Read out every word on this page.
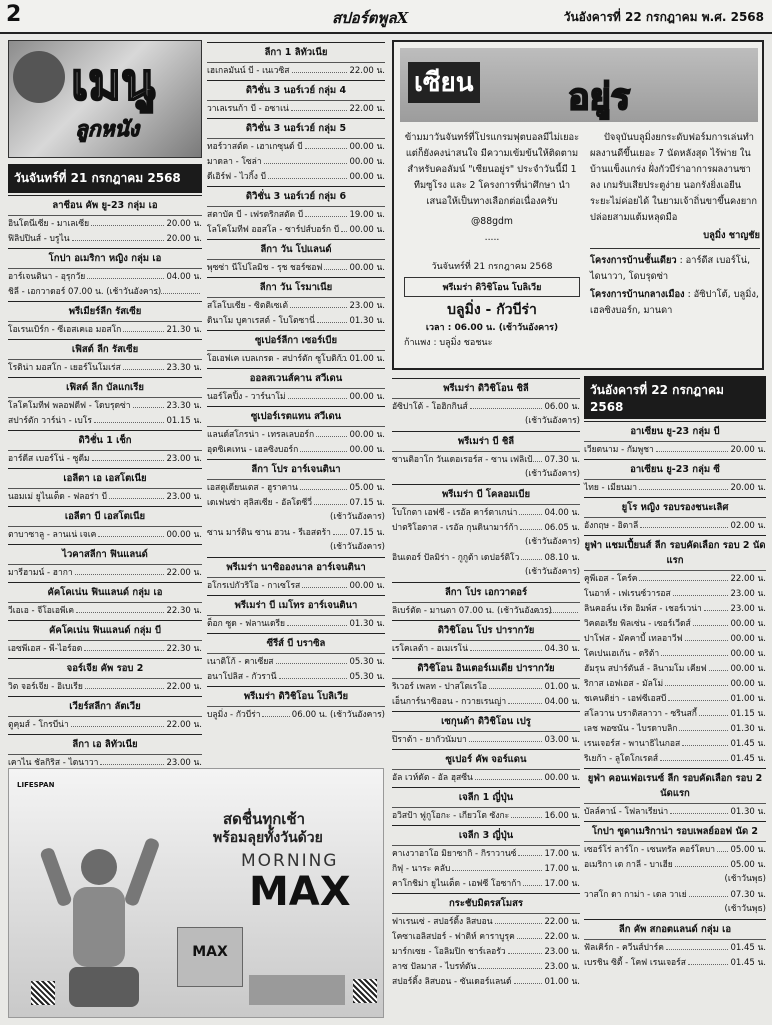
2	สปอร์ตพูลX	วันอังคารที่ 22 กรกฎาคม พ.ศ. 2568
เมนู
ลูกหนัง
วันจันทร์ที่ 21 กรกฎาคม 2568
ลาชีอน คัพ ยู-23 กลุ่ม เอ
อินโดนีเซีย - มาเลเซีย	20.00 น.
ฟิลิปปินส์ - บรูไน	20.00 น.
โกปา อเมริกา หญิง กลุ่ม เอ
อาร์เจนตินา - อุรุกวัย	04.00 น.
ชิลี - เอกวาดอร์ 07.00 น. (เช้าวันอังคาร)
พรีเมียร์ลีก รัสเซีย
โอเรนเบิร์ก - ซีเอสเคเอ มอสโก	21.30 น.
เฟิสต์ ลีก รัสเซีย
โรติน่า มอสโก - เยอร์โนโมเร่ส	23.30 น.
เฟิสต์ ลีก บัลแกเรีย
โลโคโมทีฟ พลอฟดีฟ - โดบรุดซ่า	23.30 น.
สปาร์ตัก วาร์น่า - เบโร	01.15 น.
ดิวิชั่น 1 เช็ก
อาร์ดีส เบอร์โน่ - ซูดีม	23.00 น.
เอลีตา เอ เอสโตเนีย
นอมเม่ ยูไนเต็ด - ฟลอร่า บี	23.00 น.
เอลีตา บี เอสโตเนีย
ตาบาซาลู - ลานเน่ เจเค	00.00 น.
ไวคาสลีกา ฟินแลนด์
มารีฮามน์ - ฮากา	22.00 น.
คัคโคเน่น ฟินแลนด์ กลุ่ม เอ
วีเอเอ - จีโอเอพีเค	22.30 น.
คัคโคเน่น ฟินแลนด์ กลุ่ม บี
เอซพีเอส - พี-ไอร์อด	22.30 น.
จอร์เจีย คัพ รอบ 2
วิต จอร์เจีย - อิเบเรีย	22.00 น.
เวียร์สลีกา ลัตเวีย
ตูคุมส์ - โกรบีน่า	22.00 น.
ลีกา เอ ลิทัวเนีย
เคาไน ชัลกิริส - ไดนาวา	23.00 น.
ลีกา 1 ลิทัวเนีย
เฮเกลมันน์ บี - เนเวซิส	22.00 น.
ดิวิชั่น 3 นอร์เวย์ กลุ่ม 4
วาเลเรนก้า บี - อซาเน่	22.00 น.
ดิวิชั่น 3 นอร์เวย์ กลุ่ม 5
ทอร์วาสต์ด - เฮาเกซุนด์ บี	00.00 น.
มาดลา - โซล่า	00.00 น.
ดีเอิร์ฟ - ไวกิ้ง บี	00.00 น.
ดิวิชั่น 3 นอร์เวย์ กลุ่ม 6
สตาบัค บี - เฟรดริกสตัด บี	19.00 น.
โลโคโมทีฟ ออสโล - ซาร์ปส์บอร์ก บี 00.00 น.
ลีกา วัน โปแลนด์
พุซซ่า นีโปโลมิช - รุช ชอร์ซอฟ	00.00 น.
ลีกา วัน โรมาเนีย
สโลโบเซีย - ซิตติเซเต้	23.00 น.
ดินาโม บูคาเรสต์ - โบโตซานี่	01.30 น.
ซูเปอร์ลีกา เซอร์เบีย
โอเอฟเค เบลเกรด - สปาร์ตัก ซูโบติก้า 01.00 น.
ออลสเวนส์คาน สวีเดน
นอร์โคปิ้ง - วาร์นาโม่	00.00 น.
ซูเปอร์เรตแทน สวีเดน
แลนด์สโกรน่า - เทรลเลบอร์ก	00.00 น.
อุตซิเคเทน - เฮลซิงบอร์ก	00.00 น.
ลีกา โปร อาร์เจนตินา
เอสตูเดียนเตส - ฮูราคาน	05.00 น.
เดเฟนซ่า สุลิสเซีย - อัลโดซีวี่	07.15 น.
(เช้าวันอังคาร)
ซาน มาร์ติน ซาน ฮวน - รีเอสตร้า 07.15 น.
(เช้าวันอังคาร)
พรีเมร่า นาซิอองนาล อาร์เจนตินา
อโกรเปกัวริโอ - กาเซโรส	00.00 น.
พรีเมร่า บี เมโทร อาร์เจนตินา
ต็อก ซูด - ฟลานเดรีย	01.30 น.
ซีรีส์ บี บราซิล
เนาติโก้ - คาเซียส	05.30 น.
อนาโปลิส - กัวรานี	05.30 น.
พรีเมร่า ดิวิชิโอน โบลิเวีย
บลูมิ่ง - กัวบีร่า	06.00 น. (เช้าวันอังคาร)
เซียน	อยู่ร
ข้ามมาวันจันทร์ที่โปรแกรมฟุตบอลมีไม่เยอะ แต่ก็ยังคงน่าสนใจ มีความเข้มข้นให้ติดตาม สำหรับคอลัมน์ "เซียนอยู่ร" ประจำวันนี้มี 1 ทีมซูโรง และ 2 โครงการที่น่าศึกษา นำเสนอให้เป็นทางเลือกต่อเนื่องครับ
@88gdm
.....
วันจันทร์ที่ 21 กรกฎาคม 2568
พรีเมร่า ดิวิชิโอน โบลิเวีย
บลูมิ่ง - กัวบีร่า
เวลา : 06.00 น. (เช้าวันอังคาร)
ก้าแพง : บลูมิ่ง ชอชนะ
ปัจจุบันบลูมิ่งยกระดับฟอร์มการเล่นทำผลงานดีขึ้นเยอะ 7 นัดหลังสุด ไร้พ่าย ในบ้านแข็งแกร่ง ฝั่งกัวบีร่าอาการผลงานซาลง เกมรับเสียประตูง่าย นอกรังยิ่งเอยีนระยะไม่ค่อยได้ ในยามเจ้าถิ่นขาขึ้นคงยากปล่อยสามแต้มหลุดมือ
บลูมิ่ง ชาญชัย
โครงการบ้านชั้นเดียว : อาร์ดีส เบอร์โน่, ไดนาวา, โดบรุดซ่า
โครงการบ้านกลางเมือง : อัซิปาโต้, บลูมิ่ง, เฮลซิงบอร์ก, มานดา
พรีเมร่า ดิวิชิโอน ชิลี
อัซิปาโต้ - โอฮิกกินส์	06.00 น.
(เช้าวันอังคาร)
พรีเมร่า บี ชิลี
ซานติอาโก วันเดอเรอร์ส - ซาน เฟลิเป้ 07.30 น.
(เช้าวันอังคาร)
พรีเมร่า บี โคลอมเบีย
โบโกตา เอฟซี - เรอัล คาร์ตาเกน่า	04.00 น.
ปาตริโอตาส - เรอัล กุนดินามาร์ก้า	06.05 น.
(เช้าวันอังคาร)
อินเตอร์ ปัลมิร่า - กูกูต้า เดปอร์ติโว	08.10 น.
(เช้าวันอังคาร)
ลีกา โปร เอกวาดอร์
ลิเบร์ตัด - มานตา 07.00 น. (เช้าวันอังคาร)
ดิวิชิโอน โปร ปารากวัย
เรโคเลต้า - อเมเรโน่	04.30 น.
ดิวิชิโอน อินเตอร์เมเดีย ปารากวัย
ริเวอร์ เพลท - ปาสโตเรโอ	01.00 น.
เอ็นการ์นาซิออน - กวายเรนญ่า	04.00 น.
เซกุนด้า ดิวิชิโอน เปรู
ปิราต้า - ยากัวนัมบา	03.00 น.
ซูเปอร์ คัพ จอร์แดน
อัล เวห์ดัต - อัล ฮุสซีน	00.00 น.
เจลีก 1 ญี่ปุ่น
อวิสป้า ฟูกูโอกะ - เกียวโต ซังกะ	16.00 น.
เจลีก 3 ญี่ปุ่น
คาเงวาอาโอ มิยาซากิ - กิราวานซ์	17.00 น.
กิฟุ - นาระ คลับ	17.00 น.
คาโกชิม่า ยูไนเต็ด - เอฟซี โอซาก้า	17.00 น.
กระชับมิตรสโมสร
ฟาเรนเซ่ - สปอร์ติ้ง ลิสบอน	22.00 น.
โคซาเอลิสปอร์ - ฟาติห์ คาราบูรุค	22.00 น.
มาร์กเซย - โอลิมปิก ชาร์เลอรัว	23.00 น.
ลาซ ปัลมาส - ไบรท์ตัน	23.00 น.
สปอร์ติ้ง ลิสบอน - ซันเดอร์แลนด์	01.00 น.
วันอังคารที่ 22 กรกฎาคม 2568
อาเซียน ยู-23 กลุ่ม บี
เวียดนาม - กัมพูชา	20.00 น.
อาเซียน ยู-23 กลุ่ม ซี
ไทย - เมียนมา	20.00 น.
ยูโร หญิง รอบรองชนะเลิศ
อังกฤษ - อิตาลี	02.00 น.
ยูฟ่า แชมเปี้ยนส์ ลีก รอบคัดเลือก รอบ 2 นัดแรก
คูพีเอส - โคร์ค	22.00 น.
โนอาห์ - เฟเรนซ์วารอส	23.00 น.
ลินคอล์น เร้ด อิมพ์ส - เชอร์เวน่า	23.00 น.
วิคตอเรีย พิลเซ่น - เซอร์เวีดส์	00.00 น.
ปาโฟส - มัคคาบี้ เทลอาวีฟ	00.00 น.
โคเปนเฮเก้น - ดริต้า	00.00 น.
ฮัมรุน สปาร์ตันส์ - ลินามโม เคียฟ	00.00 น.
ริกาส เอฟเอส - มัลโม่	00.00 น.
ชเคนดิย่า - เอฟซีเอสบี	01.00 น.
สโลวาน บราติสลาวา - ซรินสกี้	01.15 น.
เลช พอซนัน - ไบรดาบลิก	01.30 น.
เรนเจอร์ส - พานาธิไนกอส	01.45 น.
ริเยก้า - ลูโดโกเรตส์	01.45 น.
ยูฟ่า คอนเฟอเรนซ์ ลีก รอบคัดเลือก รอบ 2 นัดแรก
บัลล์คาน์ - โฟลาเรียน่า	01.30 น.
โกปา ซูดาเมริกาน่า รอบเพลย์ออฟ นัด 2
เซอร์โร่ ลาร์โก - เซนทรัล คอร์โดบา 05.00 น.
อเมริกา เด กาลี - บาเฮีย	05.00 น.
(เช้าวันพุธ)
วาสโก ดา กาม่า - เดล วาเย่	07.30 น.
(เช้าวันพุธ)
ลีก คัพ สกอตแลนด์ กลุ่ม เอ
ฟัลเคิร์ก - ควีนส์ปาร์ค	01.45 น.
เบรชิน ซิตี้ - โคฟ เรนเจอร์ส	01.45 น.
LIFESPAN
สดชื่นทุกเช้า
พร้อมลุยทั้งวันด้วย
MORNING
MAX
MAX
